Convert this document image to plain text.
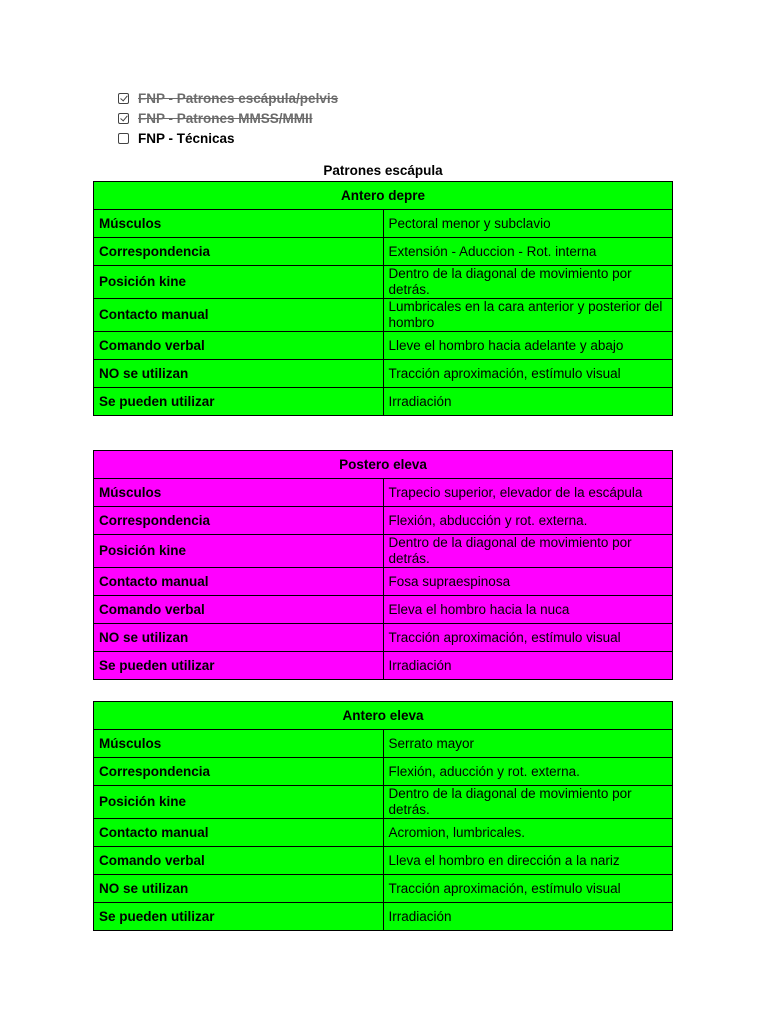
FNP - Patrones escápula/pelvis
FNP - Patrones MMSS/MMII
FNP - Técnicas
Patrones escápula
Antero depre	
Músculos	Pectoral menor y subclavio
Correspondencia	Extensión - Aduccion - Rot. interna
Posición kine	Dentro de la diagonal de movimiento por detrás.
Contacto manual	Lumbricales en la cara anterior y posterior del hombro
Comando verbal	Lleve el hombro hacia adelante y abajo
NO se utilizan	Tracción aproximación, estímulo visual
Se pueden utilizar	Irradiación
Postero eleva	
Músculos	Trapecio superior, elevador de la escápula
Correspondencia	Flexión, abducción y rot. externa.
Posición kine	Dentro de la diagonal de movimiento por detrás.
Contacto manual	Fosa supraespinosa
Comando verbal	Eleva el hombro hacia la nuca
NO se utilizan	Tracción aproximación, estímulo visual
Se pueden utilizar	Irradiación
Antero eleva	
Músculos	Serrato mayor
Correspondencia	Flexión, aducción y rot. externa.
Posición kine	Dentro de la diagonal de movimiento por detrás.
Contacto manual	Acromion, lumbricales.
Comando verbal	Lleva el hombro en dirección a la nariz
NO se utilizan	Tracción aproximación, estímulo visual
Se pueden utilizar	Irradiación
